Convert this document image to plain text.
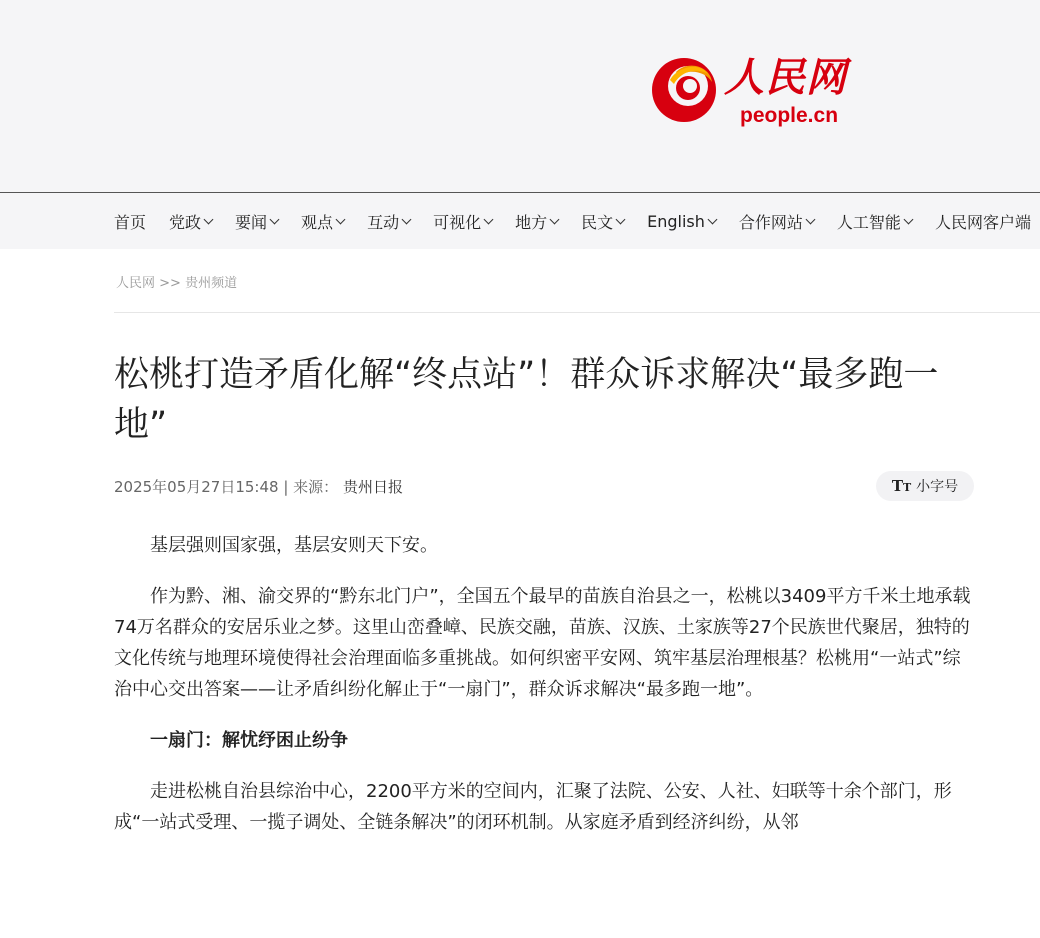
人民网
people.cn
首页 党政 要闻 观点 互动 可视化 地方 民文 English 合作网站 人工智能 人民网客户端
人民网 >> 贵州频道
松桃打造矛盾化解“终点站”！群众诉求解决“最多跑一地”
2025年05月27日15:48 | 来源： 贵州日报	TT 小字号

基层强则国家强，基层安则天下安。

作为黔、湘、渝交界的“黔东北门户”，全国五个最早的苗族自治县之一，松桃以3409平方千米土地承载74万名群众的安居乐业之梦。这里山峦叠嶂、民族交融，苗族、汉族、土家族等27个民族世代聚居，独特的文化传统与地理环境使得社会治理面临多重挑战。如何织密平安网、筑牢基层治理根基？松桃用“一站式”综治中心交出答案——让矛盾纠纷化解止于“一扇门”，群众诉求解决“最多跑一地”。

一扇门：解忧纾困止纷争

走进松桃自治县综治中心，2200平方米的空间内，汇聚了法院、公安、人社、妇联等十余个部门，形成“一站式受理、一揽子调处、全链条解决”的闭环机制。从家庭矛盾到经济纠纷，从邻
